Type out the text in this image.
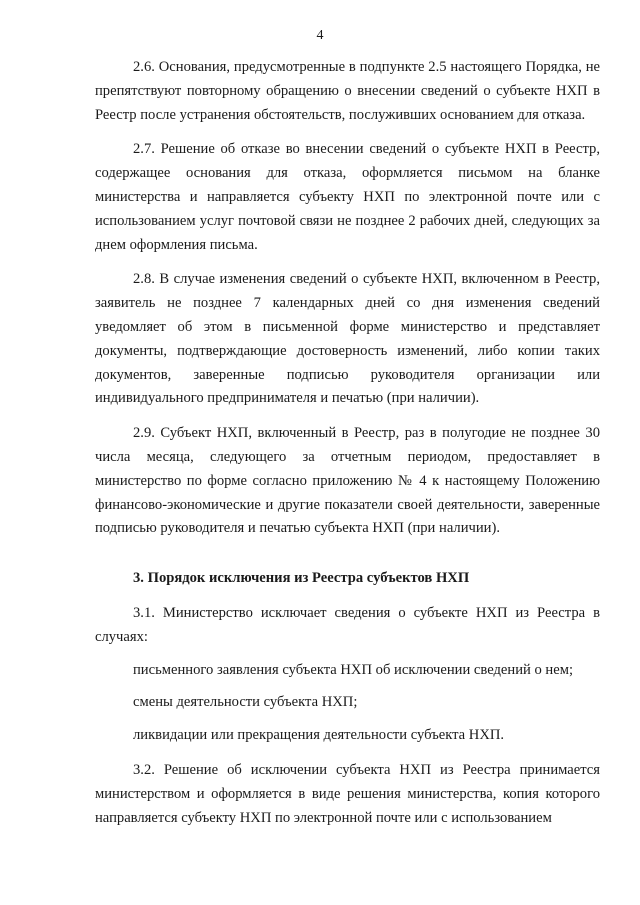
4

2.6. Основания, предусмотренные в подпункте 2.5 настоящего Порядка, не препятствуют повторному обращению о внесении сведений о субъекте НХП в Реестр после устранения обстоятельств, послуживших основанием для отказа.

2.7. Решение об отказе во внесении сведений о субъекте НХП в Реестр, содержащее основания для отказа, оформляется письмом на бланке министерства и направляется субъекту НХП по электронной почте или с использованием услуг почтовой связи не позднее 2 рабочих дней, следующих за днем оформления письма.

2.8. В случае изменения сведений о субъекте НХП, включенном в Реестр, заявитель не позднее 7 календарных дней со дня изменения сведений уведомляет об этом в письменной форме министерство и представляет документы, подтверждающие достоверность изменений, либо копии таких документов, заверенные подписью руководителя организации или индивидуального предпринимателя и печатью (при наличии).

2.9. Субъект НХП, включенный в Реестр, раз в полугодие не позднее 30 числа месяца, следующего за отчетным периодом, предоставляет в министерство по форме согласно приложению № 4 к настоящему Положению финансово-экономические и другие показатели своей деятельности, заверенные подписью руководителя и печатью субъекта НХП (при наличии).

3. Порядок исключения из Реестра субъектов НХП

3.1. Министерство исключает сведения о субъекте НХП из Реестра в случаях:

письменного заявления субъекта НХП об исключении сведений о нем;

смены деятельности субъекта НХП;

ликвидации или прекращения деятельности субъекта НХП.

3.2. Решение об исключении субъекта НХП из Реестра принимается министерством и оформляется в виде решения министерства, копия которого направляется субъекту НХП по электронной почте или с использованием
